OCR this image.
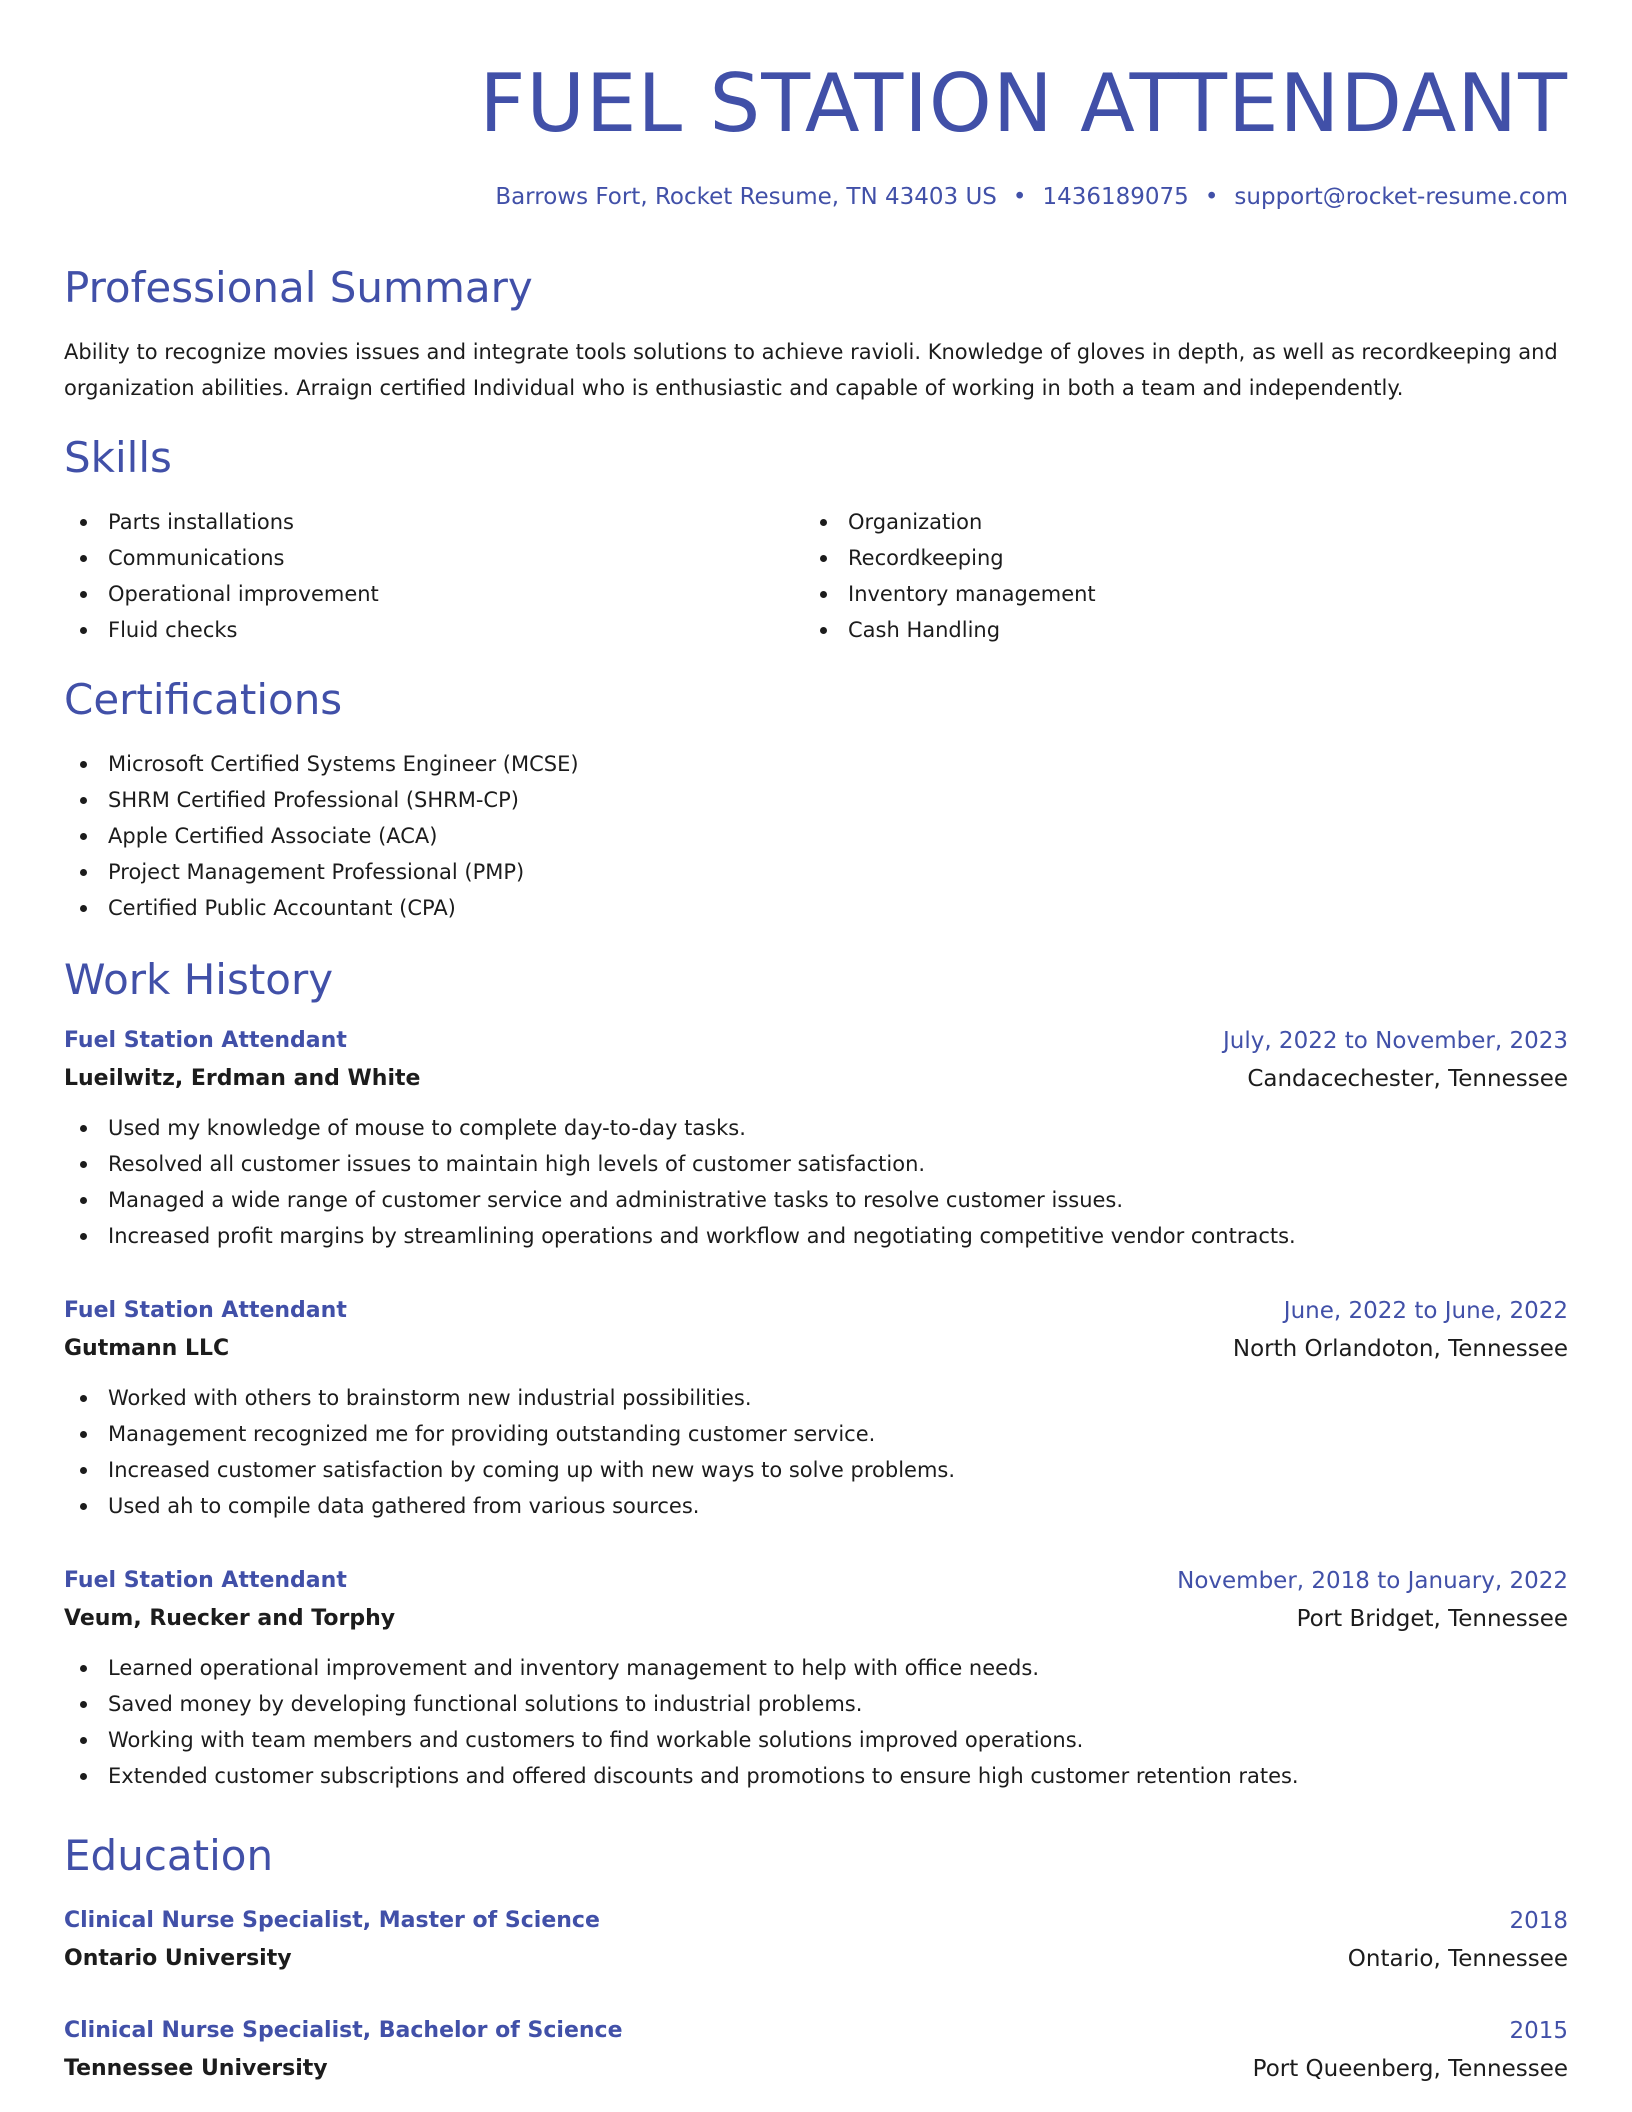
FUEL STATION ATTENDANT
Barrows Fort, Rocket Resume, TN 43403 US • 1436189075 • support@rocket-resume.com
Professional Summary
Ability to recognize movies issues and integrate tools solutions to achieve ravioli. Knowledge of gloves in depth, as well as recordkeeping and organization abilities. Arraign certified Individual who is enthusiastic and capable of working in both a team and independently.
Skills
Parts installations
Communications
Operational improvement
Fluid checks
Organization
Recordkeeping
Inventory management
Cash Handling
Certifications
Microsoft Certified Systems Engineer (MCSE)
SHRM Certified Professional (SHRM-CP)
Apple Certified Associate (ACA)
Project Management Professional (PMP)
Certified Public Accountant (CPA)
Work History
Fuel Station Attendant	July, 2022 to November, 2023
Lueilwitz, Erdman and White	Candacechester, Tennessee
Used my knowledge of mouse to complete day-to-day tasks.
Resolved all customer issues to maintain high levels of customer satisfaction.
Managed a wide range of customer service and administrative tasks to resolve customer issues.
Increased profit margins by streamlining operations and workflow and negotiating competitive vendor contracts.
Fuel Station Attendant	June, 2022 to June, 2022
Gutmann LLC	North Orlandoton, Tennessee
Worked with others to brainstorm new industrial possibilities.
Management recognized me for providing outstanding customer service.
Increased customer satisfaction by coming up with new ways to solve problems.
Used ah to compile data gathered from various sources.
Fuel Station Attendant	November, 2018 to January, 2022
Veum, Ruecker and Torphy	Port Bridget, Tennessee
Learned operational improvement and inventory management to help with office needs.
Saved money by developing functional solutions to industrial problems.
Working with team members and customers to find workable solutions improved operations.
Extended customer subscriptions and offered discounts and promotions to ensure high customer retention rates.
Education
Clinical Nurse Specialist, Master of Science	2018
Ontario University	Ontario, Tennessee
Clinical Nurse Specialist, Bachelor of Science	2015
Tennessee University	Port Queenberg, Tennessee
